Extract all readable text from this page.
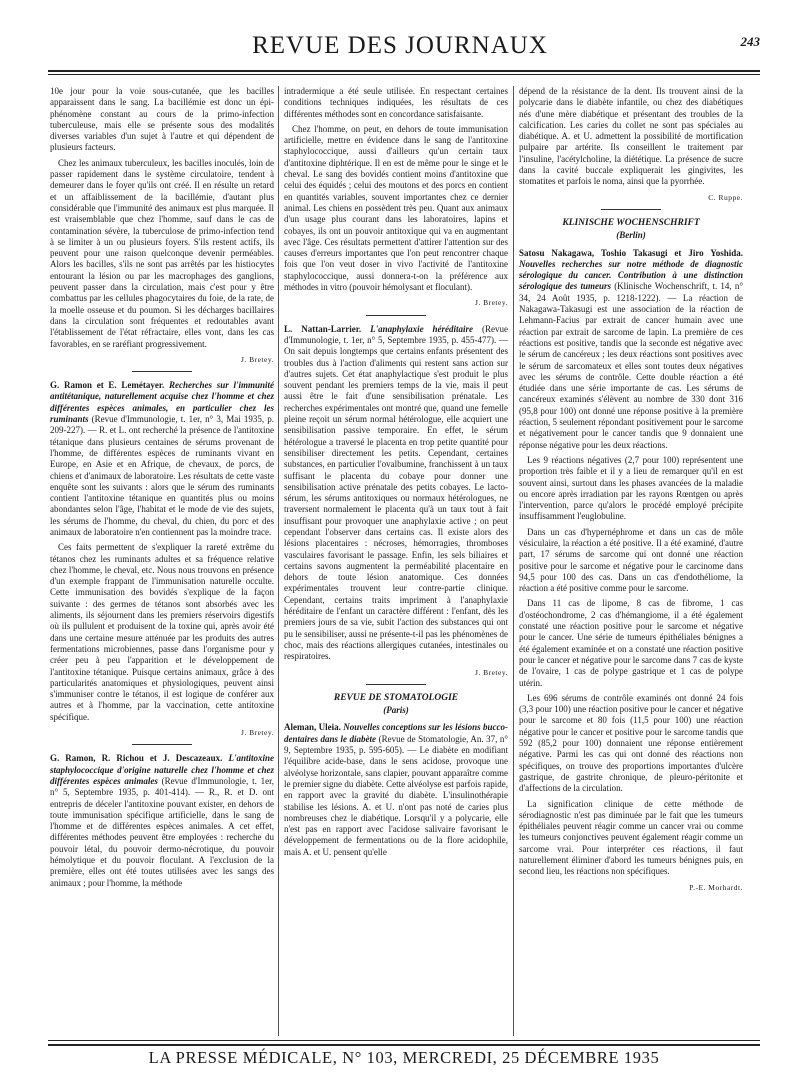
REVUE DES JOURNAUX	243

10e jour pour la voie sous-cutanée, que les bacilles apparaissent dans le sang. La bacillémie est donc un épi-phénomène constant au cours de la primo-infection tuberculeuse, mais elle se présente sous des modalités diverses variables d'un sujet à l'autre et qui dépendent de plusieurs facteurs.

Chez les animaux tuberculeux, les bacilles inoculés, loin de passer rapidement dans le système circulatoire, tendent à demeurer dans le foyer qu'ils ont créé. Il en résulte un retard et un affaiblissement de la bacillémie, d'autant plus considérable que l'immunité des animaux est plus marquée. Il est vraisemblable que chez l'homme, sauf dans le cas de contamination sévère, la tuberculose de primo-infection tend à se limiter à un ou plusieurs foyers. S'ils restent actifs, ils peuvent pour une raison quelconque devenir perméables. Alors les bacilles, s'ils ne sont pas arrêtés par les histiocytes entourant la lésion ou par les macrophages des ganglions, peuvent passer dans la circulation, mais c'est pour y être combattus par les cellules phagocytaires du foie, de la rate, de la moelle osseuse et du poumon. Si les décharges bacillaires dans la circulation sont fréquentes et redoutables avant l'établissement de l'état réfractaire, elles vont, dans les cas favorables, en se raréfiant progressivement.

J. Bretey.

G. Ramon et E. Lemétayer. Recherches sur l'immunité antitétanique, naturellement acquise chez l'homme et chez différentes espèces animales, en particulier chez les ruminants (Revue d'Immunologie, t. 1er, n° 3, Mai 1935, p. 209-227). — R. et L. ont recherché la présence de l'antitoxine tétanique dans plusieurs centaines de sérums provenant de l'homme, de différentes espèces de ruminants vivant en Europe, en Asie et en Afrique, de chevaux, de porcs, de chiens et d'animaux de laboratoire. Les résultats de cette vaste enquête sont les suivants : alors que le sérum des ruminants contient l'antitoxine tétanique en quantités plus ou moins abondantes selon l'âge, l'habitat et le mode de vie des sujets, les sérums de l'homme, du cheval, du chien, du porc et des animaux de laboratoire n'en contiennent pas la moindre trace.

Ces faits permettent de s'expliquer la rareté extrême du tétanos chez les ruminants adultes et sa fréquence relative chez l'homme, le cheval, etc. Nous nous trouvons en présence d'un exemple frappant de l'immunisation naturelle occulte. Cette immunisation des bovidés s'explique de la façon suivante : des germes de tétanos sont absorbés avec les aliments, ils séjournent dans les premiers réservoirs digestifs où ils pullulent et produisent de la toxine qui, après avoir été dans une certaine mesure atténuée par les produits des autres fermentations microbiennes, passe dans l'organisme pour y créer peu à peu l'apparition et le développement de l'antitoxine tétanique. Puisque certains animaux, grâce à des particularités anatomiques et physiologiques, peuvent ainsi s'immuniser contre le tétanos, il est logique de conférer aux autres et à l'homme, par la vaccination, cette antitoxine spécifique.

J. Bretey.

G. Ramon, R. Richou et J. Descazeaux. L'antitoxine staphylococcique d'origine naturelle chez l'homme et chez différentes espèces animales (Revue d'Immunologie, t. 1er, n° 5, Septembre 1935, p. 401-414). — R., R. et D. ont entrepris de déceler l'antitoxine pouvant exister, en dehors de toute immunisation spécifique artificielle, dans le sang de l'homme et de différentes espèces animales. A cet effet, différentes méthodes peuvent être employées : recherche du pouvoir létal, du pouvoir dermo-nécrotique, du pouvoir hémolytique et du pouvoir floculant. A l'exclusion de la première, elles ont été toutes utilisées avec les sangs des animaux ; pour l'homme, la méthode

intradermique a été seule utilisée. En respectant certaines conditions techniques indiquées, les résultats de ces différentes méthodes sont en concordance satisfaisante.

Chez l'homme, on peut, en dehors de toute immunisation artificielle, mettre en évidence dans le sang de l'antitoxine staphylococcique, aussi d'ailleurs qu'un certain taux d'antitoxine diphtérique. Il en est de même pour le singe et le cheval. Le sang des bovidés contient moins d'antitoxine que celui des équidés ; celui des moutons et des porcs en contient en quantités variables, souvent importantes chez ce dernier animal. Les chiens en possèdent très peu. Quant aux animaux d'un usage plus courant dans les laboratoires, lapins et cobayes, ils ont un pouvoir antitoxique qui va en augmentant avec l'âge. Ces résultats permettent d'attirer l'attention sur des causes d'erreurs importantes que l'on peut rencontrer chaque fois que l'on veut doser in vivo l'activité de l'antitoxine staphylococcique, aussi donnera-t-on la préférence aux méthodes in vitro (pouvoir hémolysant et floculant).

J. Bretey.

L. Nattan-Larrier. L'anaphylaxie héréditaire (Revue d'Immunologie, t. 1er, n° 5, Septembre 1935, p. 455-477). — On sait depuis longtemps que certains enfants présentent des troubles dus à l'action d'aliments qui restent sans action sur d'autres sujets. Cet état anaphylactique s'est produit le plus souvent pendant les premiers temps de la vie, mais il peut aussi être le fait d'une sensibilisation prénatale. Les recherches expérimentales ont montré que, quand une femelle pleine reçoit un sérum normal hétérologue, elle acquiert une sensibilisation passive temporaire. En effet, le sérum hétérologue a traversé le placenta en trop petite quantité pour sensibiliser directement les petits. Cependant, certaines substances, en particulier l'ovalbumine, franchissent à un taux suffisant le placenta du cobaye pour donner une sensibilisation active prénatale des petits cobayes. Le lacto-sérum, les sérums antitoxiques ou normaux hétérologues, ne traversent normalement le placenta qu'à un taux tout à fait insuffisant pour provoquer une anaphylaxie active ; on peut cependant l'observer dans certains cas. Il existe alors des lésions placentaires : nécroses, hémorragies, thromboses vasculaires favorisant le passage. Enfin, les sels biliaires et certains savons augmentent la perméabilité placentaire en dehors de toute lésion anatomique. Ces données expérimentales trouvent leur contre-partie clinique. Cependant, certains traits impriment à l'anaphylaxie héréditaire de l'enfant un caractère différent : l'enfant, dès les premiers jours de sa vie, subit l'action des substances qui ont pu le sensibiliser, aussi ne présente-t-il pas les phénomènes de choc, mais des réactions allergiques cutanées, intestinales ou respiratoires.

J. Bretey.
REVUE DE STOMATOLOGIE
(Paris)

Aleman, Uleia. Nouvelles conceptions sur les lésions bucco-dentaires dans le diabète (Revue de Stomatologie, An. 37, n° 9, Septembre 1935, p. 595-605). — Le diabète en modifiant l'équilibre acide-base, dans le sens acidose, provoque une alvéolyse horizontale, sans clapier, pouvant apparaître comme le premier signe du diabète. Cette alvéolyse est parfois rapide, en rapport avec la gravité du diabète. L'insulinothérapie stabilise les lésions. A. et U. n'ont pas noté de caries plus nombreuses chez le diabétique. Lorsqu'il y a polycarie, elle n'est pas en rapport avec l'acidose salivaire favorisant le développement de fermentations ou de la flore acidophile, mais A. et U. pensent qu'elle

dépend de la résistance de la dent. Ils trouvent ainsi de la polycarie dans le diabète infantile, ou chez des diabétiques nés d'une mère diabétique et présentant des troubles de la calcification. Les caries du collet ne sont pas spéciales au diabétique. A. et U. admettent la possibilité de mortification pulpaire par artérite. Ils conseillent le traitement par l'insuline, l'acétylcholine, la diététique. La présence de sucre dans la cavité buccale expliquerait les gingivites, les stomatites et parfois le noma, ainsi que la pyorrhée.

C. Ruppe.
KLINISCHE WOCHENSCHRIFT
(Berlin)

Satosu Nakagawa, Toshio Takasugi et Jiro Yoshida. Nouvelles recherches sur notre méthode de diagnostic sérologique du cancer. Contribution à une distinction sérologique des tumeurs (Klinische Wochenschrift, t. 14, n° 34, 24 Août 1935, p. 1218-1222). — La réaction de Nakagawa-Takasugi est une association de la réaction de Lehmann-Facius par extrait de cancer humain avec une réaction par extrait de sarcome de lapin. La première de ces réactions est positive, tandis que la seconde est négative avec le sérum de cancéreux ; les deux réactions sont positives avec le sérum de sarcomateux et elles sont toutes deux négatives avec les sérums de contrôle. Cette double réaction a été étudiée dans une série importante de cas. Les sérums de cancéreux examinés s'élèvent au nombre de 330 dont 316 (95,8 pour 100) ont donné une réponse positive à la première réaction, 5 seulement répondant positivement pour le sarcome et négativement pour le cancer tandis que 9 donnaient une réponse négative pour les deux réactions.

Les 9 réactions négatives (2,7 pour 100) représentent une proportion très faible et il y a lieu de remarquer qu'il en est souvent ainsi, surtout dans les phases avancées de la maladie ou encore après irradiation par les rayons Rœntgen ou après l'intervention, parce qu'alors le procédé employé précipite insuffisamment l'euglobuline.

Dans un cas d'hypernéphrome et dans un cas de môle vésiculaire, la réaction a été positive. Il a été examiné, d'autre part, 17 sérums de sarcome qui ont donné une réaction positive pour le sarcome et négative pour le carcinome dans 94,5 pour 100 des cas. Dans un cas d'endothéliome, la réaction a été positive comme pour le sarcome.

Dans 11 cas de lipome, 8 cas de fibrome, 1 cas d'ostéochondrome, 2 cas d'hémangiome, il a été également constaté une réaction positive pour le sarcome et négative pour le cancer. Une série de tumeurs épithéliales bénignes a été également examinée et on a constaté une réaction positive pour le cancer et négative pour le sarcome dans 7 cas de kyste de l'ovaire, 1 cas de polype gastrique et 1 cas de polype utérin.

Les 696 sérums de contrôle examinés ont donné 24 fois (3,3 pour 100) une réaction positive pour le cancer et négative pour le sarcome et 80 fois (11,5 pour 100) une réaction négative pour le cancer et positive pour le sarcome tandis que 592 (85,2 pour 100) donnaient une réponse entièrement négative. Parmi les cas qui ont donné des réactions non spécifiques, on trouve des proportions importantes d'ulcère gastrique, de gastrite chronique, de pleuro-péritonite et d'affections de la circulation.

La signification clinique de cette méthode de sérodiagnostic n'est pas diminuée par le fait que les tumeurs épithéliales peuvent réagir comme un cancer vrai ou comme les tumeurs conjonctives peuvent également réagir comme un sarcome vrai. Pour interpréter ces réactions, il faut naturellement éliminer d'abord les tumeurs bénignes puis, en second lieu, les réactions non spécifiques.

P.-E. Morhardt.
LA PRESSE MÉDICALE, N° 103, MERCREDI, 25 DÉCEMBRE 1935
